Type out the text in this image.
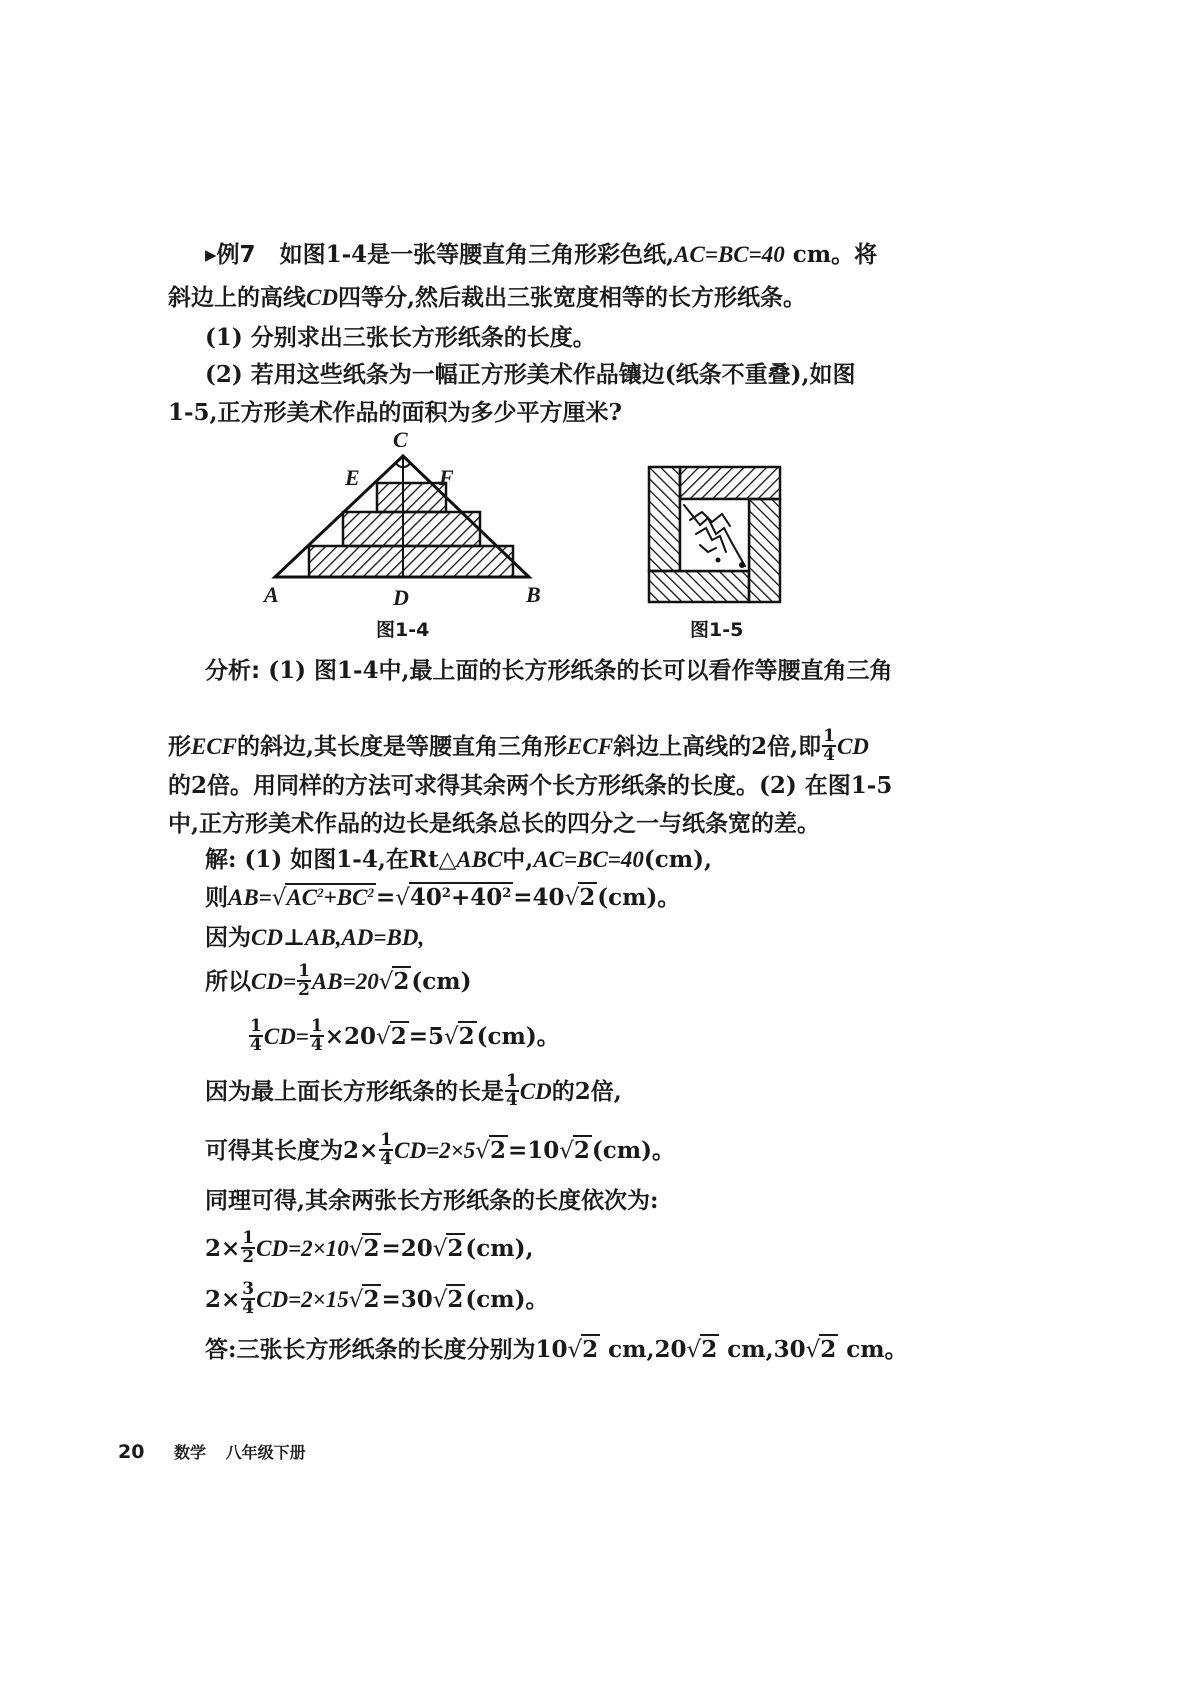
▸例7 如图1-4是一张等腰直角三角形彩色纸,AC=BC=40 cm。将
斜边上的高线CD四等分,然后裁出三张宽度相等的长方形纸条。
(1) 分别求出三张长方形纸条的长度。
(2) 若用这些纸条为一幅正方形美术作品镶边(纸条不重叠),如图
1-5,正方形美术作品的面积为多少平方厘米?
C
E	F
A	D	B
图1-4	图1-5
分析: (1) 图1-4中,最上面的长方形纸条的长可以看作等腰直角三角
形ECF的斜边,其长度是等腰直角三角形ECF斜边上高线的2倍,即 $\frac{1}{4}$ CD
的2倍。用同样的方法可求得其余两个长方形纸条的长度。(2) 在图1-5
中,正方形美术作品的边长是纸条总长的四分之一与纸条宽的差。
解: (1) 如图1-4,在Rt△ABC中,AC=BC=40(cm),
则$AB=√AC^2+BC^2=√40^2+40^2=40√2(cm)$。
因为CD⊥AB,AD=BD,
所以$CD= \frac{1}{2} AB=20√2(cm)$
$\frac{1}{4} CD= \frac{1}{4} \times 20√2=5√2(cm)$。
因为最上面长方形纸条的长是 $\frac{1}{4}$ CD的2倍,
可得其长度为$2\times \frac{1}{4} CD=2\times 5√2=10√2(cm)$。
同理可得,其余两张长方形纸条的长度依次为:
$2\times \frac{1}{2} CD=2\times 10√2=20√2(cm)$,
$2\times \frac{3}{4} CD=2\times 15√2=30√2(cm)$。
答:三张长方形纸条的长度分别为10√2 cm,20√2 cm,30√2 cm。
20 数学 八年级下册
